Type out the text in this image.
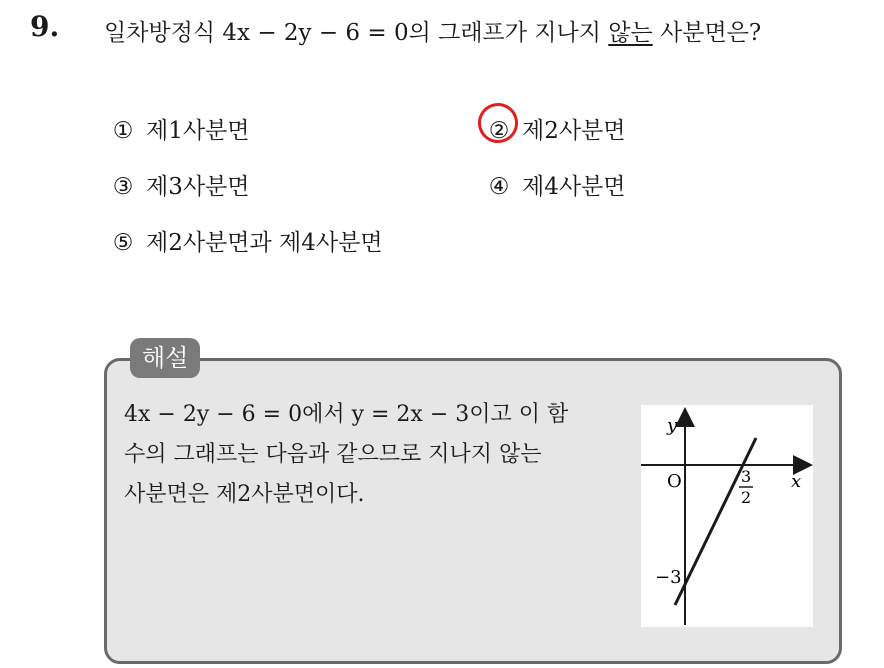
9. 일차방정식 4x − 2y − 6 = 0의 그래프가 지나지 않는 사분면은?
① 제1사분면	② 제2사분면
③ 제3사분면	④ 제4사분면
⑤ 제2사분면과 제4사분면
해설

4x − 2y − 6 = 0에서 y = 2x − 3이고 이 함

수의 그래프는 다음과 같으므로 지나지 않는

사분면은 제2사분면이다.

y
x
O	3
2
−3
